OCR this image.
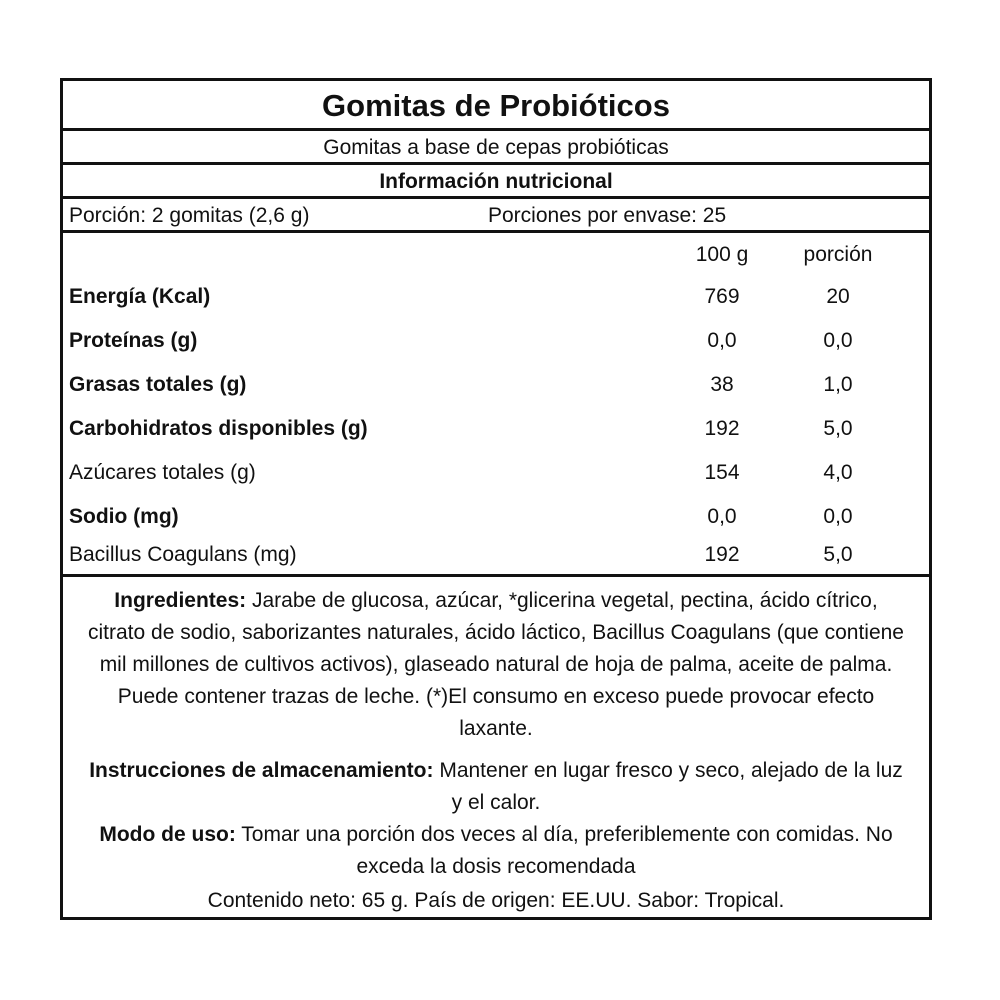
Gomitas de Probióticos
Gomitas a base de cepas probióticas
Información nutricional
Porción: 2 gomitas (2,6 g)	Porciones por envase: 25
100 g	porción
Energía (Kcal)	769	20
Proteínas (g)	0,0	0,0
Grasas totales (g)	38	1,0
Carbohidratos disponibles (g)	192	5,0
Azúcares totales (g)	154	4,0
Sodio (mg)	0,0	0,0
Bacillus Coagulans (mg)	192	5,0

Ingredientes: Jarabe de glucosa, azúcar, *glicerina vegetal, pectina, ácido cítrico, citrato de sodio, saborizantes naturales, ácido láctico, Bacillus Coagulans (que contiene mil millones de cultivos activos), glaseado natural de hoja de palma, aceite de palma. Puede contener trazas de leche. (*)El consumo en exceso puede provocar efecto laxante.

Instrucciones de almacenamiento: Mantener en lugar fresco y seco, alejado de la luz y el calor.

Modo de uso: Tomar una porción dos veces al día, preferiblemente con comidas. No exceda la dosis recomendada

Contenido neto: 65 g. País de origen: EE.UU. Sabor: Tropical.
